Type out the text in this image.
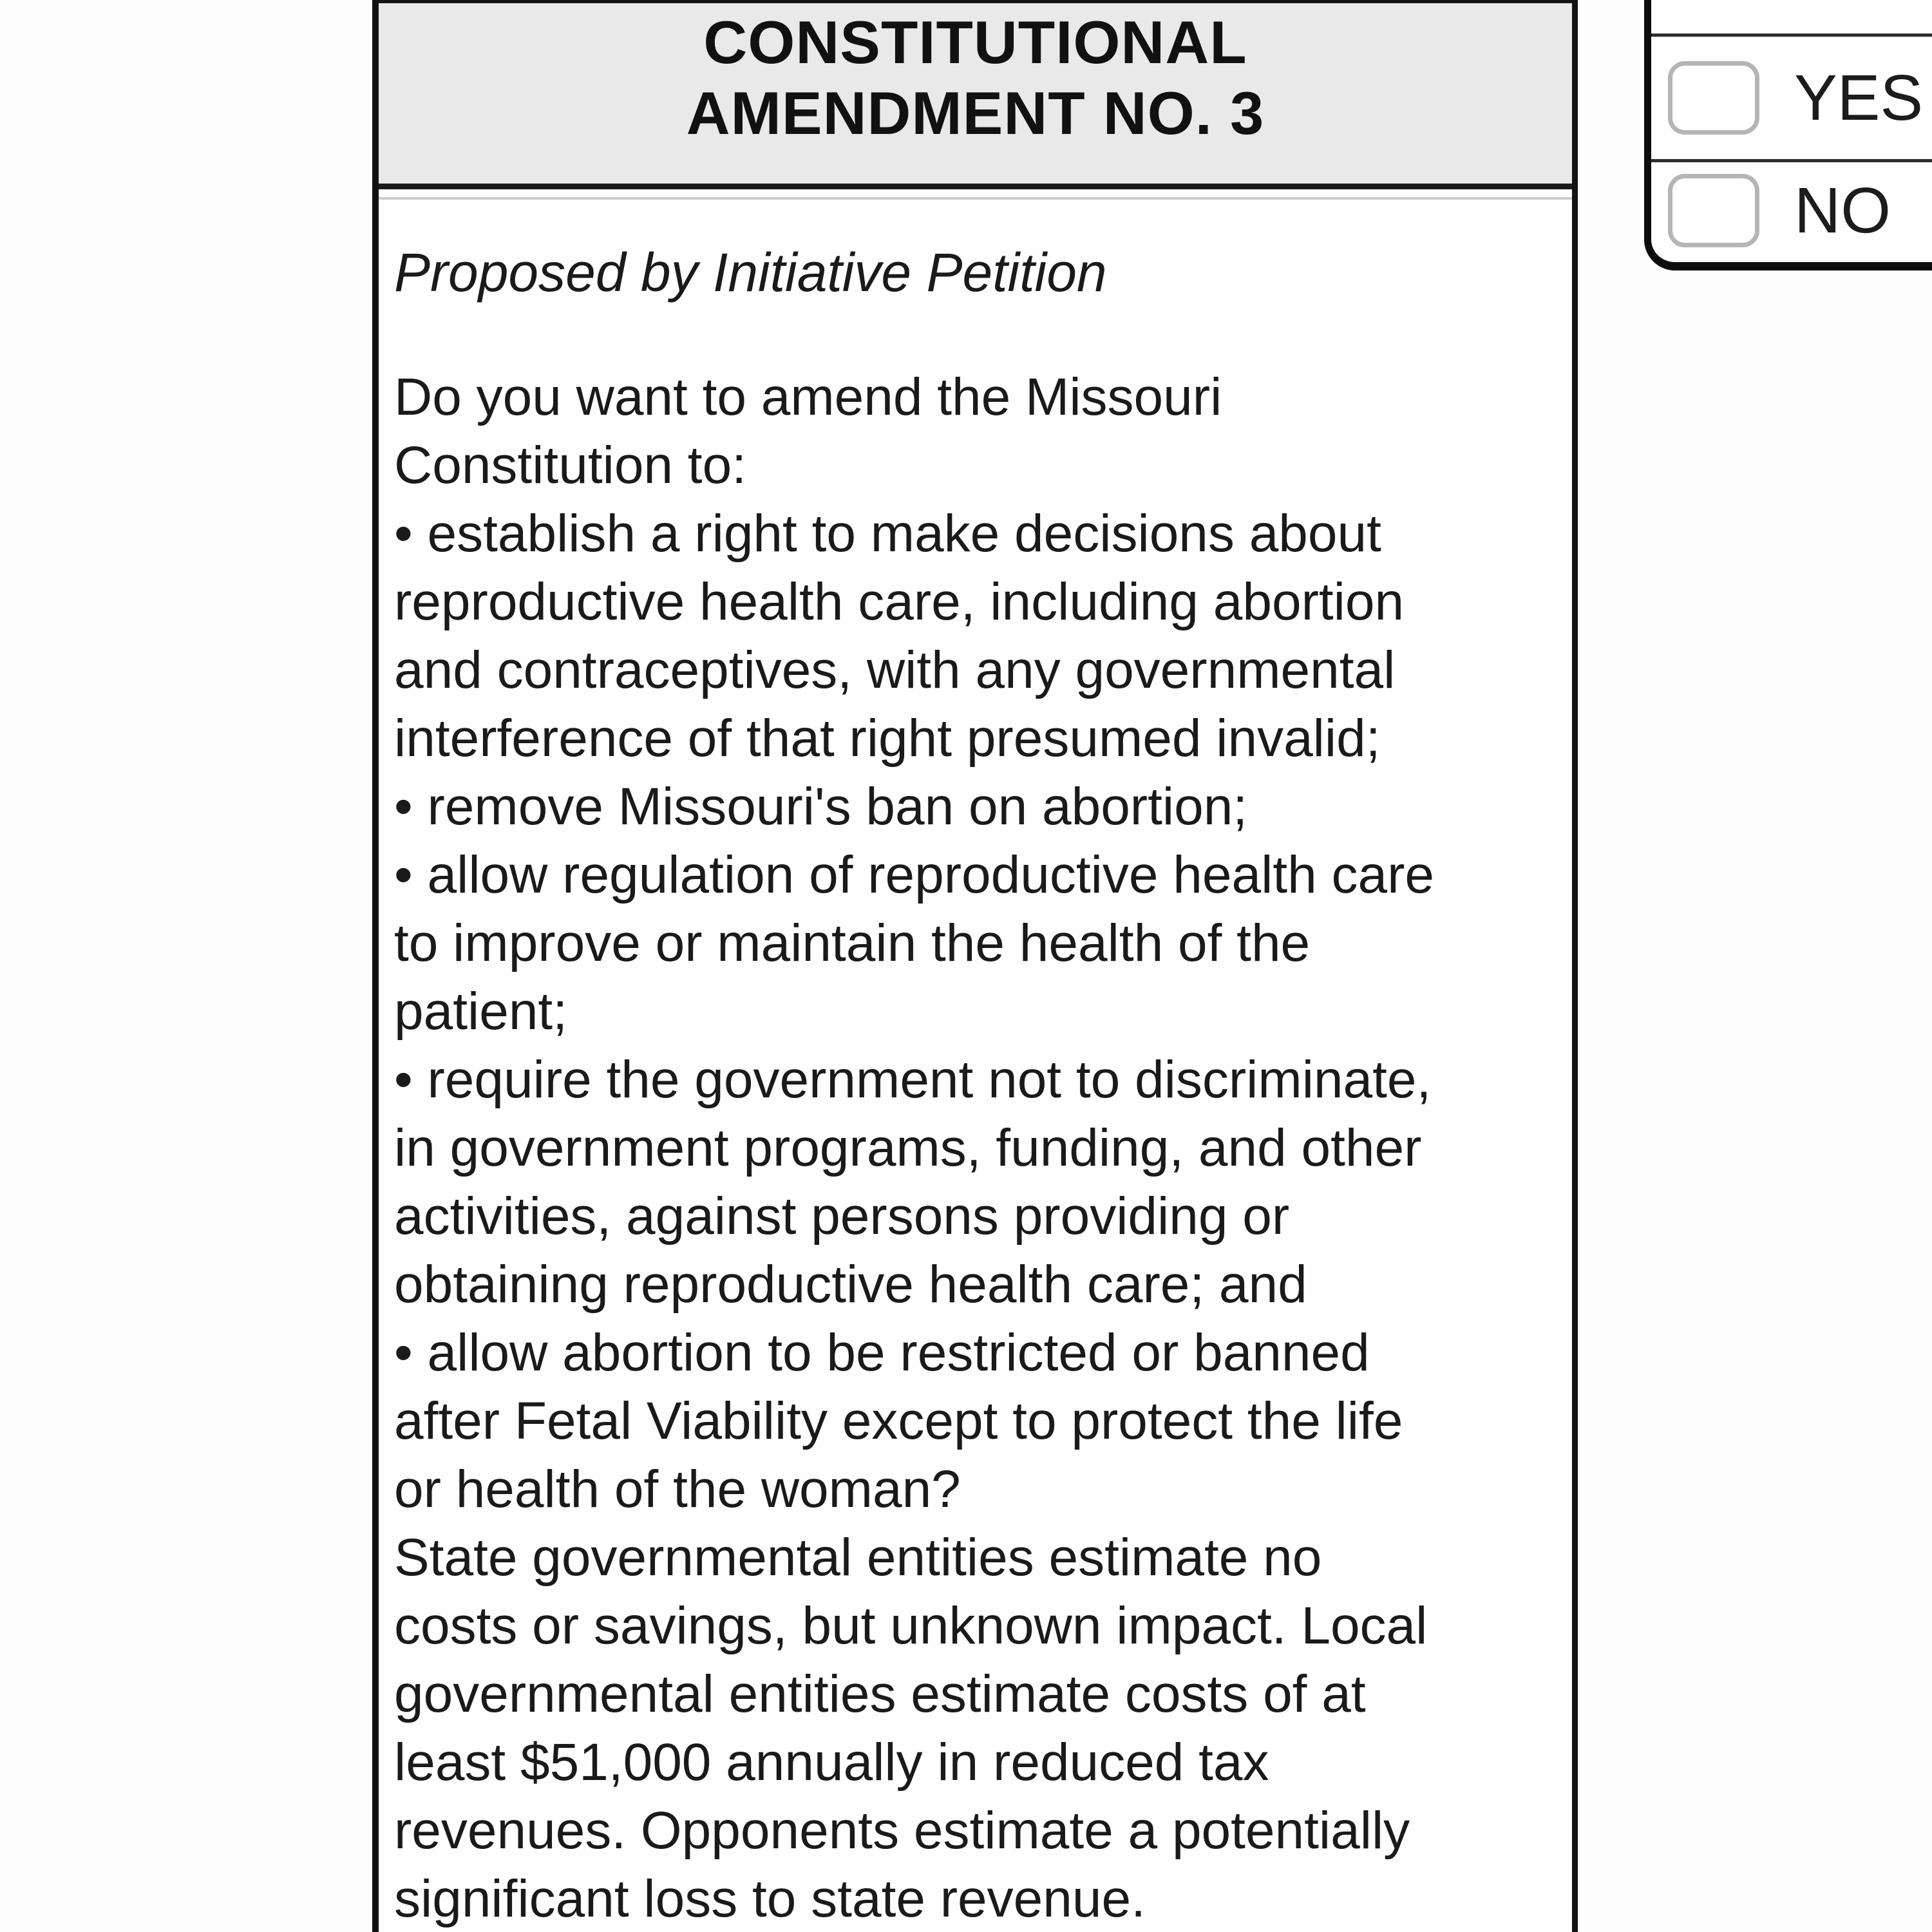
CONSTITUTIONAL
AMENDMENT NO. 3
Proposed by Initiative Petition
Do you want to amend the Missouri
Constitution to:
• establish a right to make decisions about
reproductive health care, including abortion
and contraceptives, with any governmental
interference of that right presumed invalid;
• remove Missouri's ban on abortion;
• allow regulation of reproductive health care
to improve or maintain the health of the
patient;
• require the government not to discriminate,
in government programs, funding, and other
activities, against persons providing or
obtaining reproductive health care; and
• allow abortion to be restricted or banned
after Fetal Viability except to protect the life
or health of the woman?
State governmental entities estimate no
costs or savings, but unknown impact. Local
governmental entities estimate costs of at
least $51,000 annually in reduced tax
revenues. Opponents estimate a potentially
significant loss to state revenue.
YES
NO
